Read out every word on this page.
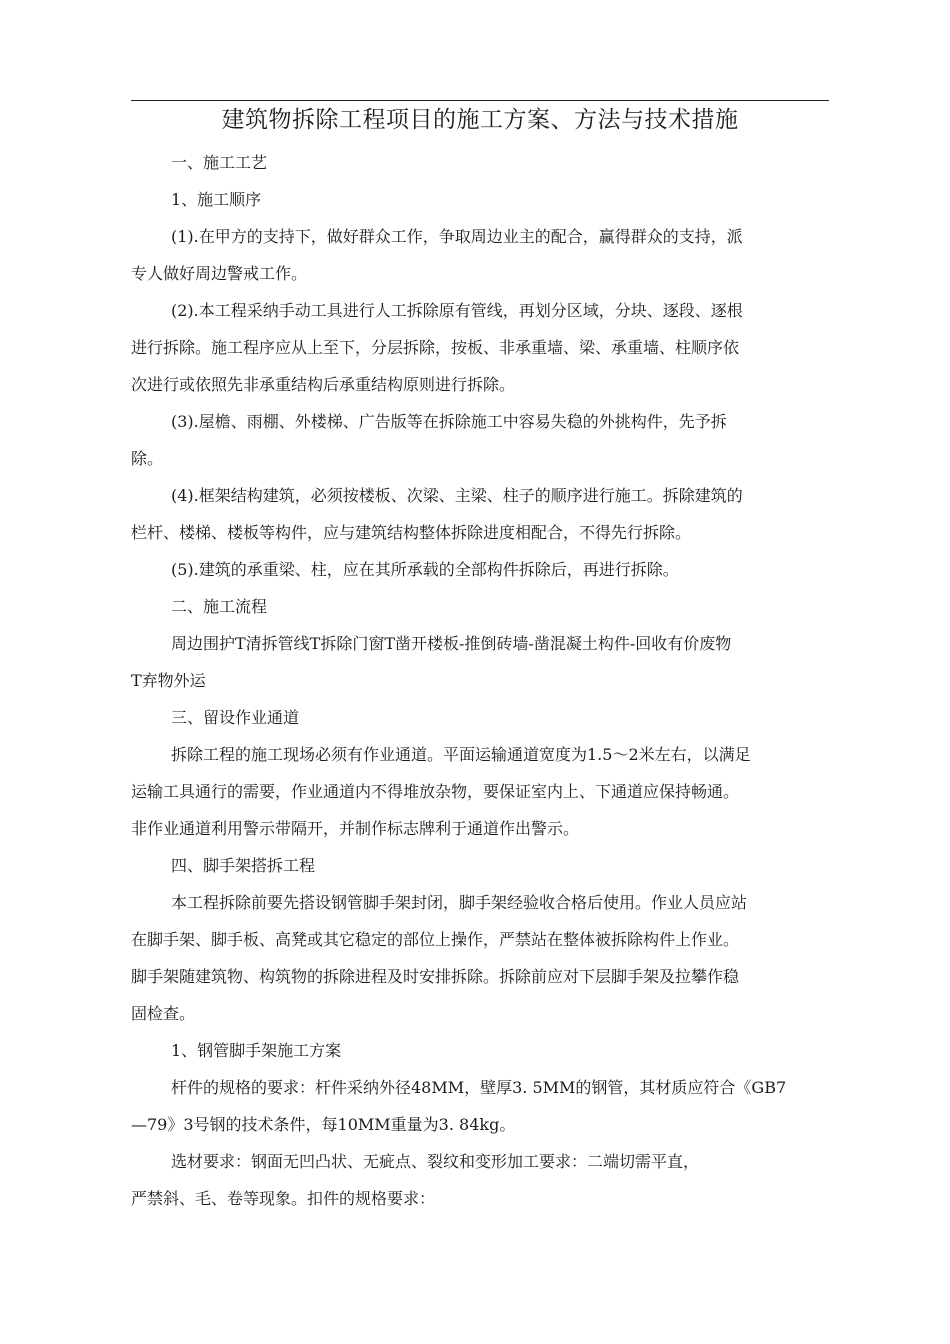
建筑物拆除工程项目的施工方案、方法与技术措施
一、施工工艺
1、施工顺序
(1).在甲方的支持下，做好群众工作，争取周边业主的配合，赢得群众的支持，派
专人做好周边警戒工作。
(2).本工程采纳手动工具进行人工拆除原有管线，再划分区域，分块、逐段、逐根
进行拆除。施工程序应从上至下，分层拆除，按板、非承重墙、梁、承重墙、柱顺序依
次进行或依照先非承重结构后承重结构原则进行拆除。
(3).屋檐、雨棚、外楼梯、广告版等在拆除施工中容易失稳的外挑构件，先予拆
除。
(4).框架结构建筑，必须按楼板、次梁、主梁、柱子的顺序进行施工。拆除建筑的
栏杆、楼梯、楼板等构件，应与建筑结构整体拆除进度相配合，不得先行拆除。
(5).建筑的承重梁、柱，应在其所承载的全部构件拆除后，再进行拆除。
二、施工流程
周边围护T清拆管线T拆除门窗T凿开楼板-推倒砖墙-凿混凝土构件-回收有价废物
T弃物外运
三、留设作业通道
拆除工程的施工现场必须有作业通道。平面运输通道宽度为1.5〜2米左右，以满足
运输工具通行的需要，作业通道内不得堆放杂物，要保证室内上、下通道应保持畅通。
非作业通道利用警示带隔开，并制作标志牌利于通道作出警示。
四、脚手架搭拆工程
本工程拆除前要先搭设钢管脚手架封闭，脚手架经验收合格后使用。作业人员应站
在脚手架、脚手板、高凳或其它稳定的部位上操作，严禁站在整体被拆除构件上作业。
脚手架随建筑物、构筑物的拆除进程及时安排拆除。拆除前应对下层脚手架及拉攀作稳
固检查。
1、钢管脚手架施工方案
杆件的规格的要求：杆件采纳外径48MM，壁厚3. 5MM的钢管，其材质应符合《GB7
—79》3号钢的技术条件，每10MM重量为3. 84kg。
选材要求：钢面无凹凸状、无疵点、裂纹和变形加工要求：二端切需平直，
严禁斜、毛、卷等现象。扣件的规格要求：
